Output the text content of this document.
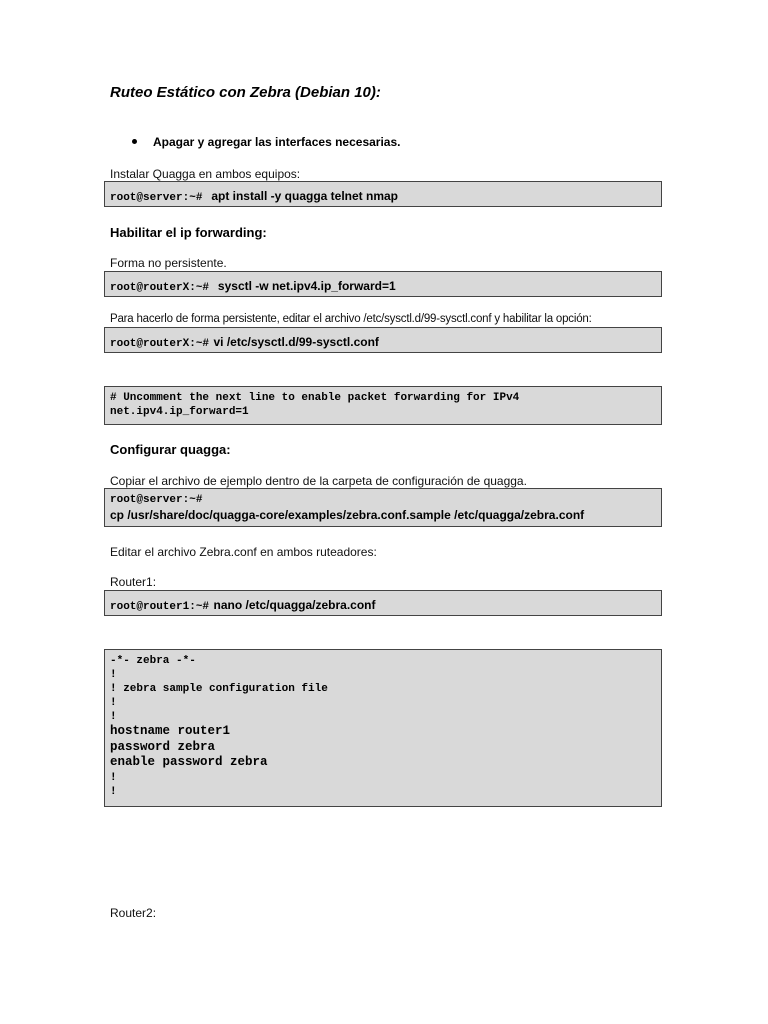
Ruteo Estático con Zebra (Debian 10):
Apagar y agregar las interfaces necesarias.
Instalar Quagga en ambos equipos:
root@server:~# apt install -y quagga telnet nmap
Habilitar el ip forwarding:
Forma no persistente.
root@routerX:~# sysctl -w net.ipv4.ip_forward=1
Para hacerlo de forma persistente, editar el archivo /etc/sysctl.d/99-sysctl.conf y habilitar la opción:
root@routerX:~# vi /etc/sysctl.d/99-sysctl.conf
# Uncomment the next line to enable packet forwarding for IPv4
net.ipv4.ip_forward=1
Configurar quagga:
Copiar el archivo de ejemplo dentro de la carpeta de configuración de quagga.
root@server:~#
cp /usr/share/doc/quagga-core/examples/zebra.conf.sample /etc/quagga/zebra.conf
Editar el archivo Zebra.conf en ambos ruteadores:
Router1:
root@router1:~# nano /etc/quagga/zebra.conf
-*- zebra -*-
!
! zebra sample configuration file
!
!
hostname router1
password zebra
enable password zebra
!
!
Router2:
